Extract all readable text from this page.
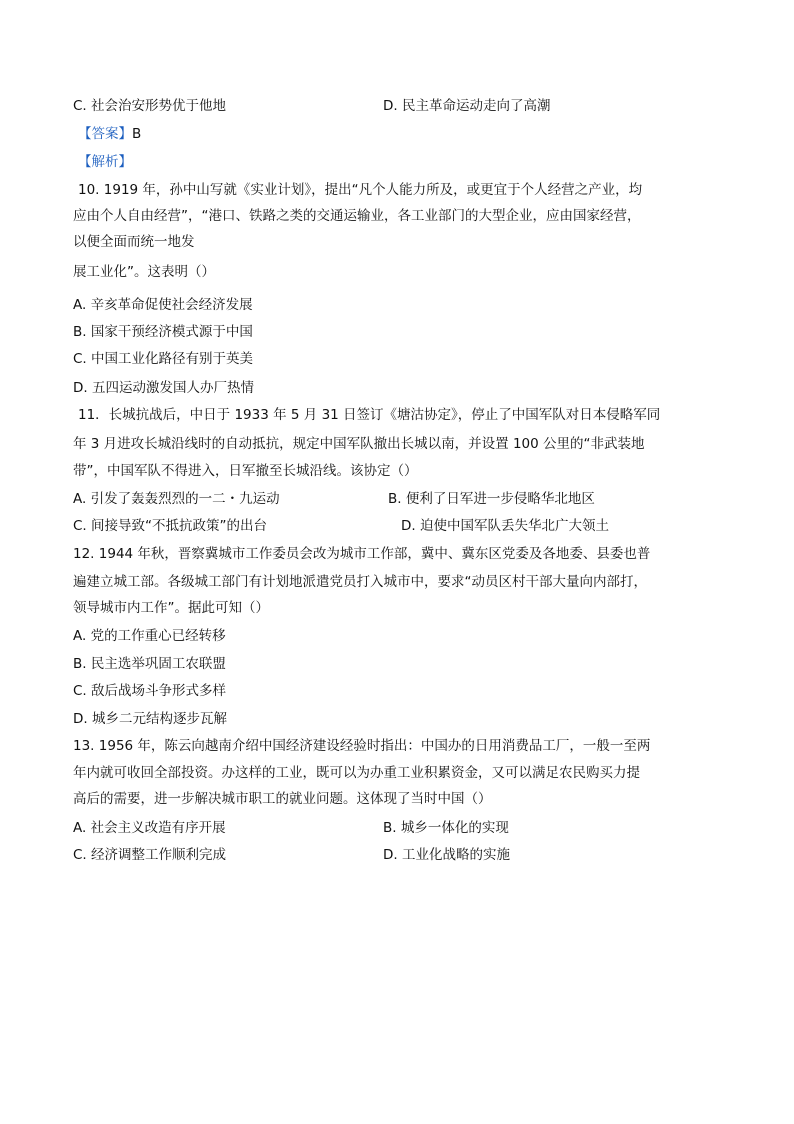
C. 社会治安形势优于他地	D. 民主革命运动走向了高潮
【答案】B
【解析】
10. 1919 年，孙中山写就《实业计划》，提出“凡个人能力所及，或更宜于个人经营之产业，均
应由个人自由经营”，“港口、铁路之类的交通运输业，各工业部门的大型企业，应由国家经营，
以便全面而统一地发
展工业化”。这表明（）
A. 辛亥革命促使社会经济发展
B. 国家干预经济模式源于中国
C. 中国工业化路径有别于英美
D. 五四运动激发国人办厂热情
11．长城抗战后，中日于 1933 年 5 月 31 日签订《塘沽协定》，停止了中国军队对日本侵略军同
年 3 月进攻长城沿线时的自动抵抗，规定中国军队撤出长城以南，并设置 100 公里的“非武装地
带”，中国军队不得进入，日军撤至长城沿线。该协定（）
A. 引发了轰轰烈烈的一二・九运动	B. 便利了日军进一步侵略华北地区
C. 间接导致“不抵抗政策”的出台	D. 迫使中国军队丢失华北广大领土
12. 1944 年秋，晋察冀城市工作委员会改为城市工作部，冀中、冀东区党委及各地委、县委也普
遍建立城工部。各级城工部门有计划地派遣党员打入城市中，要求“动员区村干部大量向内部打，
领导城市内工作”。据此可知（）
A. 党的工作重心已经转移
B. 民主选举巩固工农联盟
C. 敌后战场斗争形式多样
D. 城乡二元结构逐步瓦解
13. 1956 年，陈云向越南介绍中国经济建设经验时指出：中国办的日用消费品工厂，一般一至两
年内就可收回全部投资。办这样的工业，既可以为办重工业积累资金，又可以满足农民购买力提
高后的需要，进一步解决城市职工的就业问题。这体现了当时中国（）
A. 社会主义改造有序开展	B. 城乡一体化的实现
C. 经济调整工作顺利完成	D. 工业化战略的实施
